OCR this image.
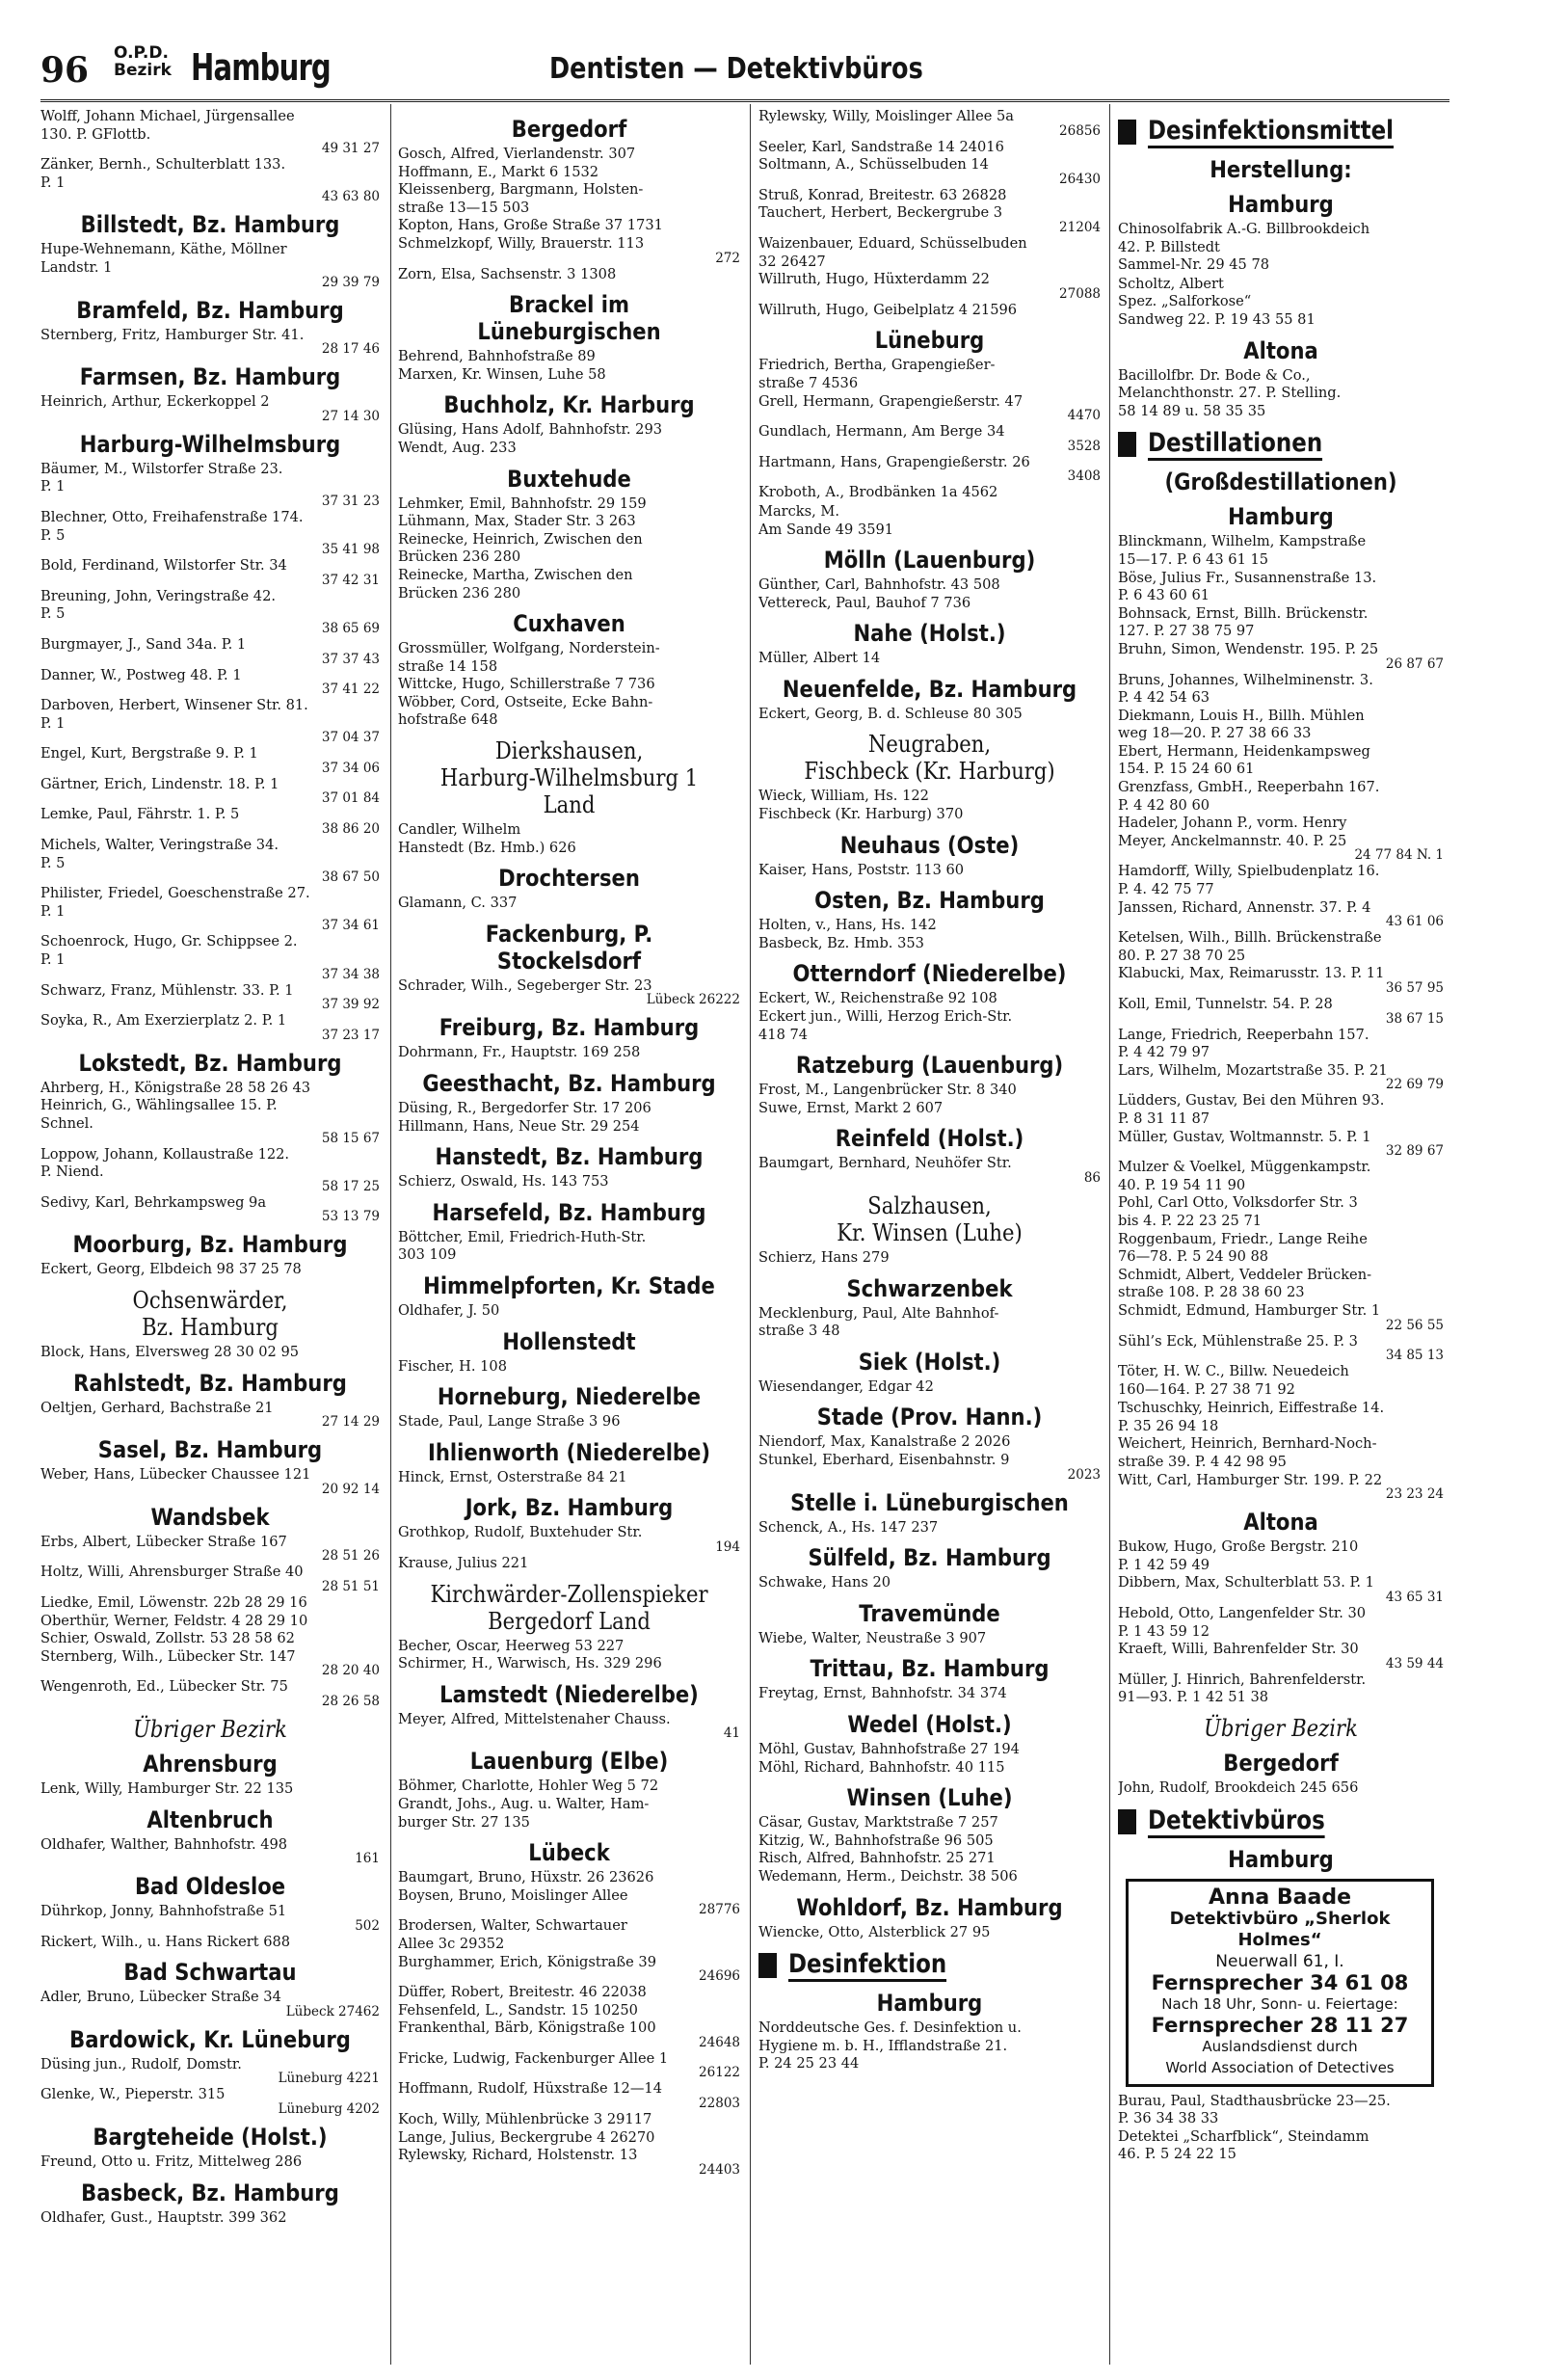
96 O.P.D.
Bezirk Hamburg	Dentisten — Detektivbüros
Wolff, Johann Michael, Jürgensallee
130. P. GFlottb.
49 31 27
Zänker, Bernh., Schulterblatt 133.
P. 1
43 63 80
Billstedt, Bz. Hamburg
Hupe-Wehnemann, Käthe, Möllner
Landstr. 1
29 39 79
Bramfeld, Bz. Hamburg
Sternberg, Fritz, Hamburger Str. 41.
28 17 46
Farmsen, Bz. Hamburg
Heinrich, Arthur, Eckerkoppel 2
27 14 30
Harburg-Wilhelmsburg
Bäumer, M., Wilstorfer Straße 23.
P. 1
37 31 23
Blechner, Otto, Freihafenstraße 174.
P. 5
35 41 98
Bold, Ferdinand, Wilstorfer Str. 34
37 42 31
Breuning, John, Veringstraße 42.
P. 5
38 65 69
Burgmayer, J., Sand 34a. P. 1
37 37 43
Danner, W., Postweg 48. P. 1
37 41 22
Darboven, Herbert, Winsener Str. 81.
P. 1
37 04 37
Engel, Kurt, Bergstraße 9. P. 1
37 34 06
Gärtner, Erich, Lindenstr. 18. P. 1
37 01 84
Lemke, Paul, Fährstr. 1. P. 5
38 86 20
Michels, Walter, Veringstraße 34.
P. 5
38 67 50
Philister, Friedel, Goeschenstraße 27.
P. 1
37 34 61
Schoenrock, Hugo, Gr. Schippsee 2.
P. 1
37 34 38
Schwarz, Franz, Mühlenstr. 33. P. 1
37 39 92
Soyka, R., Am Exerzierplatz 2. P. 1
37 23 17
Lokstedt, Bz. Hamburg
Ahrberg, H., Königstraße 28 58 26 43
Heinrich, G., Wählingsallee 15. P.
Schnel.
58 15 67
Loppow, Johann, Kollaustraße 122.
P. Niend.
58 17 25
Sedivy, Karl, Behrkampsweg 9a
53 13 79
Moorburg, Bz. Hamburg
Eckert, Georg, Elbdeich 98 37 25 78
Ochsenwärder,
Bz. Hamburg
Block, Hans, Elversweg 28 30 02 95
Rahlstedt, Bz. Hamburg
Oeltjen, Gerhard, Bachstraße 21
27 14 29
Sasel, Bz. Hamburg
Weber, Hans, Lübecker Chaussee 121
20 92 14
Wandsbek
Erbs, Albert, Lübecker Straße 167
28 51 26
Holtz, Willi, Ahrensburger Straße 40
28 51 51
Liedke, Emil, Löwenstr. 22b 28 29 16
Oberthür, Werner, Feldstr. 4 28 29 10
Schier, Oswald, Zollstr. 53 28 58 62
Sternberg, Wilh., Lübecker Str. 147
28 20 40
Wengenroth, Ed., Lübecker Str. 75
28 26 58
Übriger Bezirk
Ahrensburg
Lenk, Willy, Hamburger Str. 22 135
Altenbruch
Oldhafer, Walther, Bahnhofstr. 498
161
Bad Oldesloe
Dührkop, Jonny, Bahnhofstraße 51
502
Rickert, Wilh., u. Hans Rickert 688
Bad Schwartau
Adler, Bruno, Lübecker Straße 34
Lübeck 27462
Bardowick, Kr. Lüneburg
Düsing jun., Rudolf, Domstr.
Lüneburg 4221
Glenke, W., Pieperstr. 315
Lüneburg 4202
Bargteheide (Holst.)
Freund, Otto u. Fritz, Mittelweg 286
Basbeck, Bz. Hamburg
Oldhafer, Gust., Hauptstr. 399 362
Bergedorf
Gosch, Alfred, Vierlandenstr. 307
Hoffmann, E., Markt 6 1532
Kleissenberg, Bargmann, Holsten-
straße 13—15 503
Kopton, Hans, Große Straße 37 1731
Schmelzkopf, Willy, Brauerstr. 113
272
Zorn, Elsa, Sachsenstr. 3 1308
Brackel im Lüneburgischen
Behrend, Bahnhofstraße 89
Marxen, Kr. Winsen, Luhe 58
Buchholz, Kr. Harburg
Glüsing, Hans Adolf, Bahnhofstr. 293
Wendt, Aug. 233
Buxtehude
Lehmker, Emil, Bahnhofstr. 29 159
Lühmann, Max, Stader Str. 3 263
Reinecke, Heinrich, Zwischen den
Brücken 236 280
Reinecke, Martha, Zwischen den
Brücken 236 280
Cuxhaven
Grossmüller, Wolfgang, Norderstein-
straße 14 158
Wittcke, Hugo, Schillerstraße 7 736
Wöbber, Cord, Ostseite, Ecke Bahn-
hofstraße 648
Dierkshausen,
Harburg-Wilhelmsburg 1
Land
Candler, Wilhelm
Hanstedt (Bz. Hmb.) 626
Drochtersen
Glamann, C. 337
Fackenburg, P. Stockelsdorf
Schrader, Wilh., Segeberger Str. 23
Lübeck 26222
Freiburg, Bz. Hamburg
Dohrmann, Fr., Hauptstr. 169 258
Geesthacht, Bz. Hamburg
Düsing, R., Bergedorfer Str. 17 206
Hillmann, Hans, Neue Str. 29 254
Hanstedt, Bz. Hamburg
Schierz, Oswald, Hs. 143 753
Harsefeld, Bz. Hamburg
Böttcher, Emil, Friedrich-Huth-Str.
303 109
Himmelpforten, Kr. Stade
Oldhafer, J. 50
Hollenstedt
Fischer, H. 108
Horneburg, Niederelbe
Stade, Paul, Lange Straße 3 96
Ihlienworth (Niederelbe)
Hinck, Ernst, Osterstraße 84 21
Jork, Bz. Hamburg
Grothkop, Rudolf, Buxtehuder Str.
194
Krause, Julius 221
Kirchwärder-Zollenspieker
Bergedorf Land
Becher, Oscar, Heerweg 53 227
Schirmer, H., Warwisch, Hs. 329 296
Lamstedt (Niederelbe)
Meyer, Alfred, Mittelstenaher Chauss.
41
Lauenburg (Elbe)
Böhmer, Charlotte, Hohler Weg 5 72
Grandt, Johs., Aug. u. Walter, Ham-
burger Str. 27 135
Lübeck
Baumgart, Bruno, Hüxstr. 26 23626
Boysen, Bruno, Moislinger Allee
28776
Brodersen, Walter, Schwartauer
Allee 3c 29352
Burghammer, Erich, Königstraße 39
24696
Düffer, Robert, Breitestr. 46 22038
Fehsenfeld, L., Sandstr. 15 10250
Frankenthal, Bärb, Königstraße 100
24648
Fricke, Ludwig, Fackenburger Allee 1
26122
Hoffmann, Rudolf, Hüxstraße 12—14
22803
Koch, Willy, Mühlenbrücke 3 29117
Lange, Julius, Beckergrube 4 26270
Rylewsky, Richard, Holstenstr. 13
24403
Rylewsky, Willy, Moislinger Allee 5a
26856
Seeler, Karl, Sandstraße 14 24016
Soltmann, A., Schüsselbuden 14
26430
Struß, Konrad, Breitestr. 63 26828
Tauchert, Herbert, Beckergrube 3
21204
Waizenbauer, Eduard, Schüsselbuden
32 26427
Willruth, Hugo, Hüxterdamm 22
27088
Willruth, Hugo, Geibelplatz 4 21596
Lüneburg
Friedrich, Bertha, Grapengießer-
straße 7 4536
Grell, Hermann, Grapengießerstr. 47
4470
Gundlach, Hermann, Am Berge 34
3528
Hartmann, Hans, Grapengießerstr. 26
3408
Kroboth, A., Brodbänken 1a 4562
Marcks, M.
Am Sande 49 3591
Mölln (Lauenburg)
Günther, Carl, Bahnhofstr. 43 508
Vettereck, Paul, Bauhof 7 736
Nahe (Holst.)
Müller, Albert 14
Neuenfelde, Bz. Hamburg
Eckert, Georg, B. d. Schleuse 80 305
Neugraben,
Fischbeck (Kr. Harburg)
Wieck, William, Hs. 122
Fischbeck (Kr. Harburg) 370
Neuhaus (Oste)
Kaiser, Hans, Poststr. 113 60
Osten, Bz. Hamburg
Holten, v., Hans, Hs. 142
Basbeck, Bz. Hmb. 353
Otterndorf (Niederelbe)
Eckert, W., Reichenstraße 92 108
Eckert jun., Willi, Herzog Erich-Str.
418 74
Ratzeburg (Lauenburg)
Frost, M., Langenbrücker Str. 8 340
Suwe, Ernst, Markt 2 607
Reinfeld (Holst.)
Baumgart, Bernhard, Neuhöfer Str.
86
Salzhausen,
Kr. Winsen (Luhe)
Schierz, Hans 279
Schwarzenbek
Mecklenburg, Paul, Alte Bahnhof-
straße 3 48
Siek (Holst.)
Wiesendanger, Edgar 42
Stade (Prov. Hann.)
Niendorf, Max, Kanalstraße 2 2026
Stunkel, Eberhard, Eisenbahnstr. 9
2023
Stelle i. Lüneburgischen
Schenck, A., Hs. 147 237
Sülfeld, Bz. Hamburg
Schwake, Hans 20
Travemünde
Wiebe, Walter, Neustraße 3 907
Trittau, Bz. Hamburg
Freytag, Ernst, Bahnhofstr. 34 374
Wedel (Holst.)
Möhl, Gustav, Bahnhofstraße 27 194
Möhl, Richard, Bahnhofstr. 40 115
Winsen (Luhe)
Cäsar, Gustav, Marktstraße 7 257
Kitzig, W., Bahnhofstraße 96 505
Risch, Alfred, Bahnhofstr. 25 271
Wedemann, Herm., Deichstr. 38 506
Wohldorf, Bz. Hamburg
Wiencke, Otto, Alsterblick 27 95
Desinfektion
Hamburg
Norddeutsche Ges. f. Desinfektion u.
Hygiene m. b. H., Ifflandstraße 21.
P. 24 25 23 44
Desinfektionsmittel
Herstellung:
Hamburg
Chinosolfabrik A.-G. Billbrookdeich
42. P. Billstedt
Sammel-Nr. 29 45 78
Scholtz, Albert
Spez. „Salforkose“
Sandweg 22. P. 19 43 55 81
Altona
Bacillolfbr. Dr. Bode & Co.,
Melanchthonstr. 27. P. Stelling.
58 14 89 u. 58 35 35
Destillationen
(Großdestillationen)
Hamburg
Blinckmann, Wilhelm, Kampstraße
15—17. P. 6 43 61 15
Böse, Julius Fr., Susannenstraße 13.
P. 6 43 60 61
Bohnsack, Ernst, Billh. Brückenstr.
127. P. 27 38 75 97
Bruhn, Simon, Wendenstr. 195. P. 25
26 87 67
Bruns, Johannes, Wilhelminenstr. 3.
P. 4 42 54 63
Diekmann, Louis H., Billh. Mühlen
weg 18—20. P. 27 38 66 33
Ebert, Hermann, Heidenkampsweg
154. P. 15 24 60 61
Grenzfass, GmbH., Reeperbahn 167.
P. 4 42 80 60
Hadeler, Johann P., vorm. Henry
Meyer, Anckelmannstr. 40. P. 25
24 77 84 N. 1
Hamdorff, Willy, Spielbudenplatz 16.
P. 4. 42 75 77
Janssen, Richard, Annenstr. 37. P. 4
43 61 06
Ketelsen, Wilh., Billh. Brückenstraße
80. P. 27 38 70 25
Klabucki, Max, Reimarusstr. 13. P. 11
36 57 95
Koll, Emil, Tunnelstr. 54. P. 28
38 67 15
Lange, Friedrich, Reeperbahn 157.
P. 4 42 79 97
Lars, Wilhelm, Mozartstraße 35. P. 21
22 69 79
Lüdders, Gustav, Bei den Mühren 93.
P. 8 31 11 87
Müller, Gustav, Woltmannstr. 5. P. 1
32 89 67
Mulzer & Voelkel, Müggenkampstr.
40. P. 19 54 11 90
Pohl, Carl Otto, Volksdorfer Str. 3
bis 4. P. 22 23 25 71
Roggenbaum, Friedr., Lange Reihe
76—78. P. 5 24 90 88
Schmidt, Albert, Veddeler Brücken-
straße 108. P. 28 38 60 23
Schmidt, Edmund, Hamburger Str. 1
22 56 55
Sühl’s Eck, Mühlenstraße 25. P. 3
34 85 13
Töter, H. W. C., Billw. Neuedeich
160—164. P. 27 38 71 92
Tschuschky, Heinrich, Eiffestraße 14.
P. 35 26 94 18
Weichert, Heinrich, Bernhard-Noch-
straße 39. P. 4 42 98 95
Witt, Carl, Hamburger Str. 199. P. 22
23 23 24
Altona
Bukow, Hugo, Große Bergstr. 210
P. 1 42 59 49
Dibbern, Max, Schulterblatt 53. P. 1
43 65 31
Hebold, Otto, Langenfelder Str. 30
P. 1 43 59 12
Kraeft, Willi, Bahrenfelder Str. 30
43 59 44
Müller, J. Hinrich, Bahrenfelderstr.
91—93. P. 1 42 51 38
Übriger Bezirk
Bergedorf
John, Rudolf, Brookdeich 245 656
Detektivbüros
Hamburg
Anna Baade
Detektivbüro „Sherlok Holmes“
Neuerwall 61, I.
Fernsprecher 34 61 08
Nach 18 Uhr, Sonn- u. Feiertage:
Fernsprecher 28 11 27
Auslandsdienst durch
World Association of Detectives
Burau, Paul, Stadthausbrücke 23—25.
P. 36 34 38 33
Detektei „Scharfblick“, Steindamm
46. P. 5 24 22 15
